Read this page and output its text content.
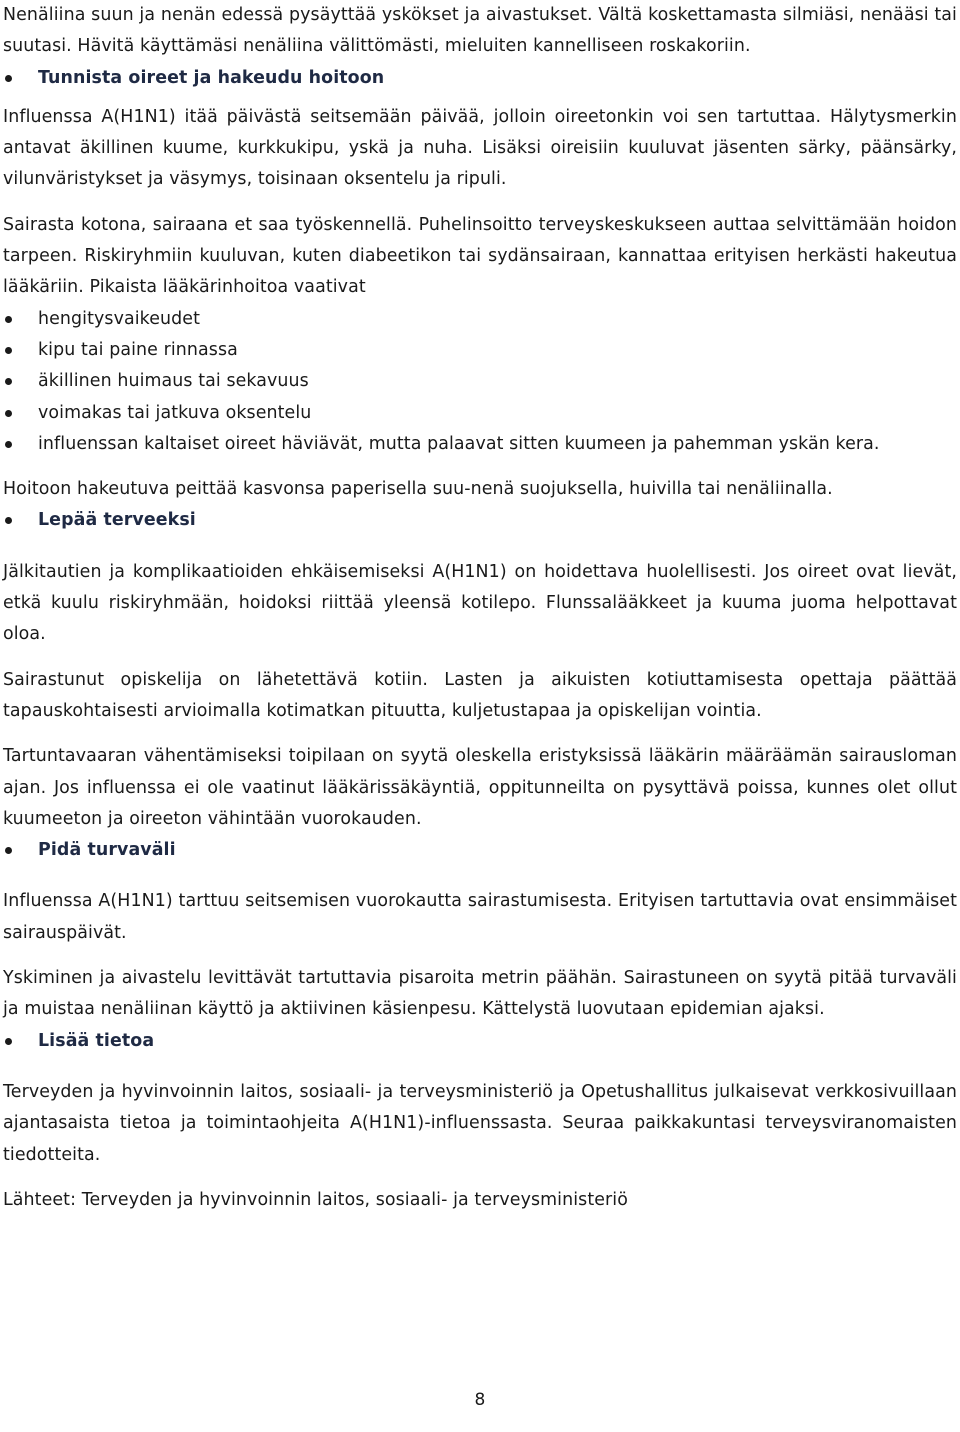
Nenäliina suun ja nenän edessä pysäyttää yskökset ja aivastukset. Vältä koskettamasta silmiäsi, nenääsi tai suutasi. Hävitä käyttämäsi nenäliina välittömästi, mieluiten kannelliseen roskakoriin.

Tunnista oireet ja hakeudu hoitoon

Influenssa A(H1N1) itää päivästä seitsemään päivää, jolloin oireetonkin voi sen tartuttaa. Hälytysmerkin antavat äkillinen kuume, kurkkukipu, yskä ja nuha. Lisäksi oireisiin kuuluvat jäsenten särky, päänsärky, vilunväristykset ja väsymys, toisinaan oksentelu ja ripuli.

Sairasta kotona, sairaana et saa työskennellä. Puhelinsoitto terveyskeskukseen auttaa selvittämään hoidon tarpeen. Riskiryhmiin kuuluvan, kuten diabeetikon tai sydänsairaan, kannattaa erityisen herkästi hakeutua lääkäriin. Pikaista lääkärinhoitoa vaativat

hengitysvaikeudet
kipu tai paine rinnassa
äkillinen huimaus tai sekavuus
voimakas tai jatkuva oksentelu
influenssan kaltaiset oireet häviävät, mutta palaavat sitten kuumeen ja pahemman yskän kera.

Hoitoon hakeutuva peittää kasvonsa paperisella suu-nenä suojuksella, huivilla tai nenäliinalla.

Lepää terveeksi

Jälkitautien ja komplikaatioiden ehkäisemiseksi A(H1N1) on hoidettava huolellisesti. Jos oireet ovat lievät, etkä kuulu riskiryhmään, hoidoksi riittää yleensä kotilepo. Flunssalääkkeet ja kuuma juoma helpottavat oloa.

Sairastunut opiskelija on lähetettävä kotiin. Lasten ja aikuisten kotiuttamisesta opettaja päättää tapauskohtaisesti arvioimalla kotimatkan pituutta, kuljetustapaa ja opiskelijan vointia.

Tartuntavaaran vähentämiseksi toipilaan on syytä oleskella eristyksissä lääkärin määräämän sairausloman ajan. Jos influenssa ei ole vaatinut lääkärissäkäyntiä, oppitunneilta on pysyttävä poissa, kunnes olet ollut kuumeeton ja oireeton vähintään vuorokauden.

Pidä turvaväli

Influenssa A(H1N1) tarttuu seitsemisen vuorokautta sairastumisesta. Erityisen tartuttavia ovat ensimmäiset sairauspäivät.

Yskiminen ja aivastelu levittävät tartuttavia pisaroita metrin päähän. Sairastuneen on syytä pitää turvaväli ja muistaa nenäliinan käyttö ja aktiivinen käsienpesu. Kättelystä luovutaan epidemian ajaksi.

Lisää tietoa

Terveyden ja hyvinvoinnin laitos, sosiaali- ja terveysministeriö ja Opetushallitus julkaisevat verkkosivuillaan ajantasaista tietoa ja toimintaohjeita A(H1N1)-influenssasta. Seuraa paikkakuntasi terveysviranomaisten tiedotteita.

Lähteet: Terveyden ja hyvinvoinnin laitos, sosiaali- ja terveysministeriö

8
